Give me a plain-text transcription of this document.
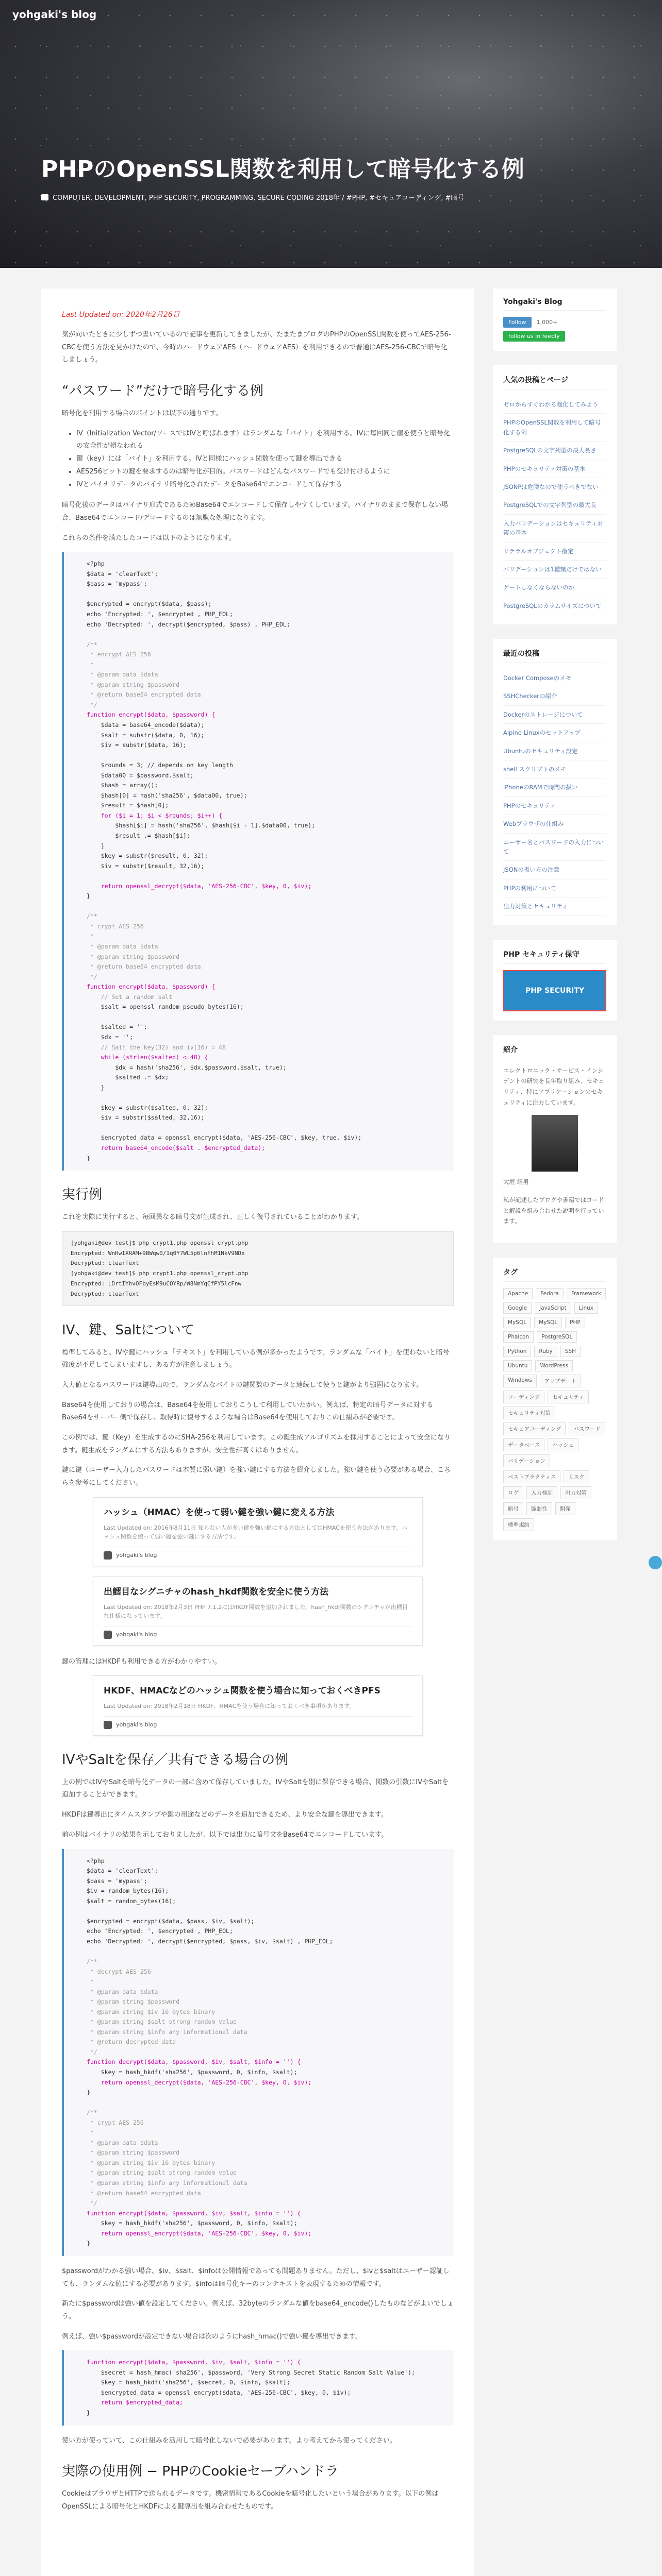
yohgaki's blog
PHPのOpenSSL関数を利用して暗号化する例
COMPUTER, DEVELOPMENT, PHP SECURITY, PROGRAMMING, SECURE CODING 2018年 / #PHP, #セキュアコーディング, #暗号
Last Updated on: 2020年2月26日

気が向いたときに少しずつ書いているので記事を更新してきましたが、たまたまブログのPHPのOpenSSL関数を使ってAES-256-CBCを使う方法を見かけたので、今時のハードウェアAES（ハードウェアAES）を利用できるので普通はAES-256-CBCで暗号化しましょう。

“パスワード”だけで暗号化する例

暗号化を利用する場合のポイントは以下の通りです。

• IV（Initialization Vector/ソースではIVと呼ばれます）はランダムな「バイト」を利用する。IVに毎回同じ値を使うと暗号化の安全性が損なわれる
• 鍵（key）には「バイト」を利用する。IVと同様にハッシュ関数を使って鍵を導出できる
• AES256ビットの鍵を要求するのは暗号化が目的。パスワードはどんなパスワードでも受け付けるように
• IVとバイナリデータのバイナリ暗号化されたデータをBase64でエンコードして保存する

暗号化後のデータはバイナリ形式であるためBase64でエンコードして保存しやすくしています。バイナリのままで保存しない場合、Base64でエンコード/デコードするのは無駄な処理になります。

これらの条件を満たしたコードは以下のようになります。

<?php
$data = 'clearText';
$pass = 'mypass';

$encrypted = encrypt($data, $pass);
echo 'Encrypted: ', $encrypted , PHP_EOL;
echo 'Decrypted: ', decrypt($encrypted, $pass) , PHP_EOL;

/**
* encrypt AES 256
*
* @param data $data
* @param string $password
* @return base64 encrypted data
*/
function encrypt($data, $password) {
$data = base64_encode($data);
$salt = substr($data, 0, 16);
$iv = substr($data, 16);

$rounds = 3; // depends on key length
$data00 = $password.$salt;
$hash = array();
$hash[0] = hash('sha256', $data00, true);
$result = $hash[0];
for ($i = 1; $i < $rounds; $i++) {
$hash[$i] = hash('sha256', $hash[$i - 1].$data00, true);
$result .= $hash[$i];
}
$key = substr($result, 0, 32);
$iv = substr($result, 32,16);

return openssl_decrypt($data, 'AES-256-CBC', $key, 0, $iv);
}

/**
* crypt AES 256
*
* @param data $data
* @param string $password
* @return base64 encrypted data
*/
function encrypt($data, $password) {
// Set a random salt
$salt = openssl_random_pseudo_bytes(16);

$salted = '';
$dx = '';
// Salt the key(32) and iv(16) = 48
while (strlen($salted) < 48) {
$dx = hash('sha256', $dx.$password.$salt, true);
$salted .= $dx;
}

$key = substr($salted, 0, 32);
$iv = substr($salted, 32,16);

$encrypted_data = openssl_encrypt($data, 'AES-256-CBC', $key, true, $iv);
return base64_encode($salt . $encrypted_data);
}
実行例

これを実際に実行すると、毎回異なる暗号文が生成され、正しく復号されていることがわかります。

[yohgaki@dev test]$ php crypt1.php openssl_crypt.php
Encrypted: WnHwIXRAM+9BWqw0/1q0Y7WL5p6lnFhM1NkV9NDx
Decrypted: clearText
[yohgaki@dev test]$ php crypt1.php openssl_crypt.php
Encrypted: LDrtIYhvOFbyEsM9uCOYRp/W8NmYqCfPY5lcFnw
Decrypted: clearText
IV、鍵、Saltについて

標準してみると、IVや鍵にハッシュ「テキスト」を利用している例が多かったようです。ランダムな「バイト」を使わないと暗号強度が不足してしまいますし、ある方が注意しましょう。

入力値となるパスワードは鍵導出ので、ランダムなバイトの鍵関数のデータと連続して使うと鍵がより強固になります。

Base64を使用しておりの場合は、Base64を使用しておりこうして利用していたかい。例えば、特定の暗号データに対するBase64をサーバー側で保存し、取得時に復号するような場合はBase64を使用しておりこの仕組みが必要です。

この例では、鍵（Key）を生成するのにSHA-256を利用しています。この鍵生成アルゴリズムを採用することによって安全になります。鍵生成をランダムにする方法もありますが、安全性が高くはありません。

鍵に鍵（ユーザー入力したパスワードは本質に弱い鍵）を強い鍵にする方法を紹介しました。強い鍵を使う必要がある場合、こちらを参考にしてください。

ハッシュ（HMAC）を使って弱い鍵を強い鍵に変える方法
Last Updated on: 2016年8月11日 知らない人が多い鍵を強い鍵にする方法としてはHMACを使う方法があります。ハッシュ関数を使って弱い鍵を強い鍵にする方法です。
yohgaki's blog
出鱈目なシグニチャのhash_hkdf関数を安全に使う方法
Last Updated on: 2018年2月3日 PHP 7.1.2にはHKDF関数を追加されました。hash_hkdf関数のシグニチャが出鱈目な仕様になっています。
yohgaki's blog

鍵の管理にはHKDFも利用できる方がわかりやすい。

HKDF、HMACなどのハッシュ関数を使う場合に知っておくべきPFS
Last Updated on: 2018年2月18日 HKDF、HMACを使う場合に知っておくべき事項があります。
yohgaki's blog
IVやSaltを保存／共有できる場合の例

上の例ではIVやSaltを暗号化データの一部に含めて保存していました。IVやSaltを別に保存できる場合、関数の引数にIVやSaltを追加することができます。

HKDFは鍵導出にタイムスタンプや鍵の用途などのデータを追加できるため、より安全な鍵を導出できます。

前の例はバイナリの結果を示しておりましたが、以下では出力に暗号文をBase64でエンコードしています。

<?php
$data = 'clearText';
$pass = 'mypass';
$iv = random_bytes(16);
$salt = random_bytes(16);

$encrypted = encrypt($data, $pass, $iv, $salt);
echo 'Encrypted: ', $encrypted , PHP_EOL;
echo 'Decrypted: ', decrypt($encrypted, $pass, $iv, $salt) , PHP_EOL;

/**
* decrypt AES 256
*
* @param data $data
* @param string $password
* @param string $iv 16 bytes binary
* @param string $salt strong random value
* @param string $info any informational data
* @return decrypted data
*/
function decrypt($data, $password, $iv, $salt, $info = '') {
$key = hash_hkdf('sha256', $password, 0, $info, $salt);
return openssl_decrypt($data, 'AES-256-CBC', $key, 0, $iv);
}

/**
* crypt AES 256
*
* @param data $data
* @param string $password
* @param string $iv 16 bytes binary
* @param string $salt strong random value
* @param string $info any informational data
* @return base64 encrypted data
*/
function encrypt($data, $password, $iv, $salt, $info = '') {
$key = hash_hkdf('sha256', $password, 0, $info, $salt);
return openssl_encrypt($data, 'AES-256-CBC', $key, 0, $iv);
}

$passwordがわかる強い場合、$iv、$salt、$infoは公開情報であっても問題ありません。ただし、$ivと$saltはユーザー認証しても、ランダムな値にする必要があります。$infoは暗号化キーのコンテキストを表現するための情報です。

新たに$passwordは強い値を設定してください。例えば、32byteのランダムな値をbase64_encode()したものなどがよいでしょう。

例えば、強い$passwordが設定できない場合は次のようにhash_hmac()で強い鍵を導出できます。

function encrypt($data, $password, $iv, $salt, $info = '') {
$secret = hash_hmac('sha256', $password, 'Very Strong Secret Static Random Salt Value');
$key = hash_hkdf('sha256', $secret, 0, $info, $salt);
$encrypted_data = openssl_encrypt($data, 'AES-256-CBC', $key, 0, $iv);
return $encrypted_data;
}

使い方が使っていて、この仕組みを活用して暗号化しないで必要があります。より考えてから使ってください。

実際の使用例 − PHPのCookieセーブハンドラ

CookieはブラウザとHTTPで送られるデータです。機密情報であるCookieを暗号化したいという場合があります。以下の例はOpenSSLによる暗号化とHKDFによる鍵導出を組み合わせたものです。

Yohgaki's Blog
Follow 1,000+
follow us in feedly
人気の投稿とページ
ゼロからすぐわかる強化してみよう
PHPのOpenSSL関数を利用して暗号化する例
PostgreSQLの文字列型の最大長さ
PHPのセキュリティ対策の基本
JSONPは危険なので使うべきでない
PostgreSQLでの文字列型の最大長
入力バリデーションはセキュリティ対策の基本
リテラルオブジェクト指定
バリデーションは1種類だけではない
ゲートしなくならないのか
PostgreSQLのカラムサイズについて
最近の投稿
Docker Composeのメモ
SSHCheckerの紹介
Dockerのストレージについて
Alpine Linuxのセットアップ
Ubuntuのセキュリティ設定
shell スクリプトのメモ
iPhoneのRAMで時間の扱い
PHPのセキュリティ
Webブラウザの仕組み
ユーザー名とパスワードの入力について
JSONの扱い方の注意
PHPの利用について
出力対策とセキュリティ
PHP セキュリティ保守
PHP SECURITY
紹介

エレクトロニック・サービス・インシデントの研究を長年取り組み、セキュリティ、特にアプリケーションのセキュリティに注力しています。

大垣 靖男

私が記述したブログや書籍ではコードと解説を組み合わせた説明を行っています。

タグ
Apache	Fedora	Framework
Google	JavaScript	Linux
MySQL	MySQL	PHP
Phalcon	PostgreSQL
Python	Ruby	SSH
Ubuntu	WordPress
Windows	アップデート
コーディング	セキュリティ
セキュリティ対策
セキュアコーディング	パスワード
データベース	ハッシュ
バリデーション
ベストプラクティス	リスク
ログ	入力検証	出力対策
暗号	脆弱性	開発
標準規約
